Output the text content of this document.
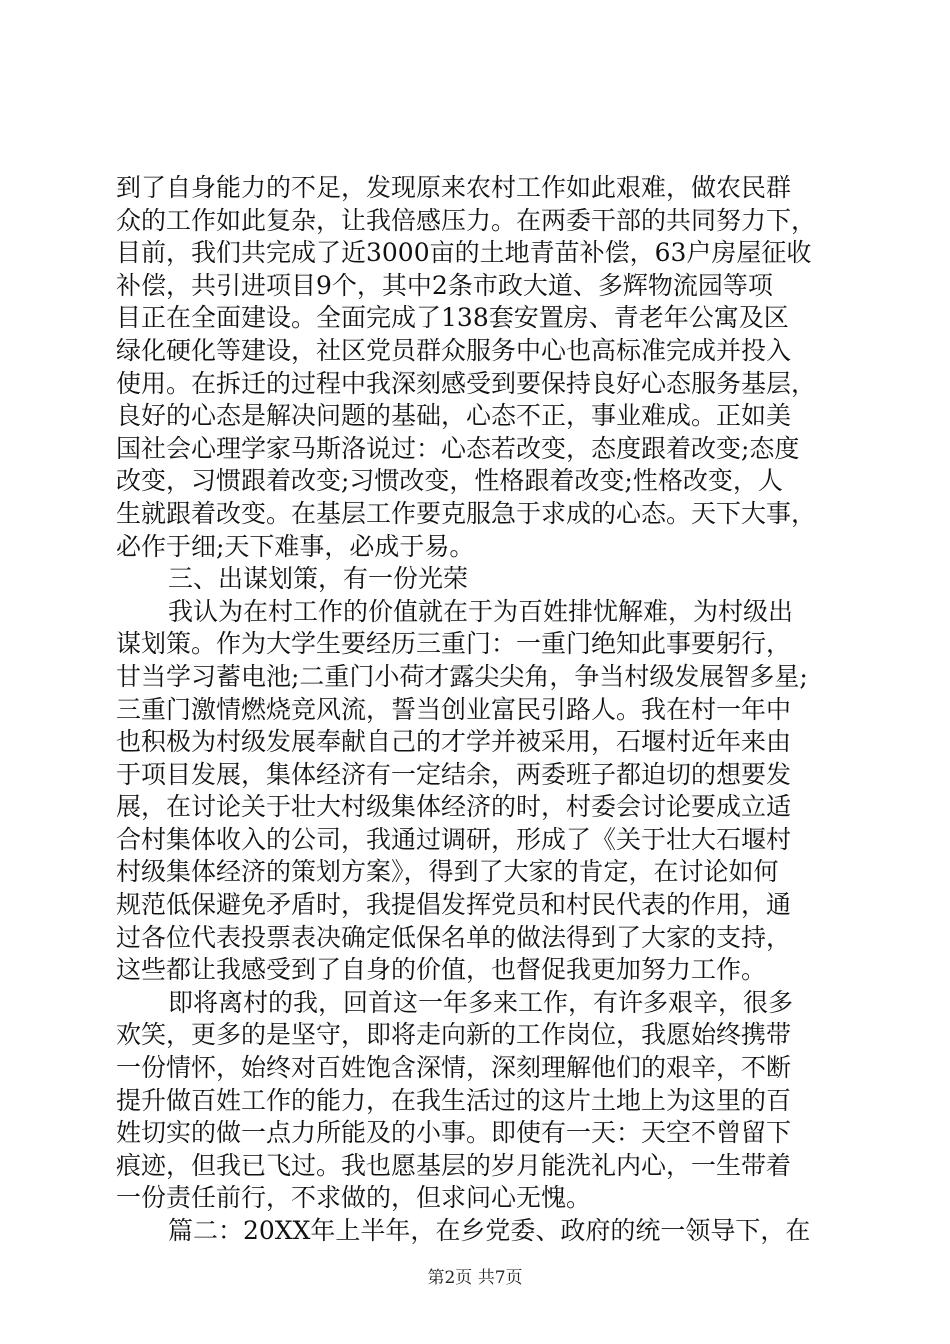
到了自身能力的不足，发现原来农村工作如此艰难，做农民群
众的工作如此复杂，让我倍感压力。在两委干部的共同努力下，
目前，我们共完成了近3000亩的土地青苗补偿，63户房屋征收
补偿，共引进项目9个，其中2条市政大道、多辉物流园等项
目正在全面建设。全面完成了138套安置房、青老年公寓及区
绿化硬化等建设，社区党员群众服务中心也高标准完成并投入
使用。在拆迁的过程中我深刻感受到要保持良好心态服务基层，
良好的心态是解决问题的基础，心态不正，事业难成。正如美
国社会心理学家马斯洛说过：心态若改变，态度跟着改变;态度
改变，习惯跟着改变;习惯改变，性格跟着改变;性格改变，人
生就跟着改变。在基层工作要克服急于求成的心态。天下大事，
必作于细;天下难事，必成于易。
三、出谋划策，有一份光荣
我认为在村工作的价值就在于为百姓排忧解难，为村级出
谋划策。作为大学生要经历三重门：一重门绝知此事要躬行，
甘当学习蓄电池;二重门小荷才露尖尖角，争当村级发展智多星;
三重门激情燃烧竞风流，誓当创业富民引路人。我在村一年中
也积极为村级发展奉献自己的才学并被采用，石堰村近年来由
于项目发展，集体经济有一定结余，两委班子都迫切的想要发
展，在讨论关于壮大村级集体经济的时，村委会讨论要成立适
合村集体收入的公司，我通过调研，形成了《关于壮大石堰村
村级集体经济的策划方案》，得到了大家的肯定，在讨论如何
规范低保避免矛盾时，我提倡发挥党员和村民代表的作用，通
过各位代表投票表决确定低保名单的做法得到了大家的支持，
这些都让我感受到了自身的价值，也督促我更加努力工作。
即将离村的我，回首这一年多来工作，有许多艰辛，很多
欢笑，更多的是坚守，即将走向新的工作岗位，我愿始终携带
一份情怀，始终对百姓饱含深情，深刻理解他们的艰辛，不断
提升做百姓工作的能力，在我生活过的这片土地上为这里的百
姓切实的做一点力所能及的小事。即使有一天：天空不曾留下
痕迹，但我已飞过。我也愿基层的岁月能洗礼内心，一生带着
一份责任前行，不求做的，但求问心无愧。
篇二：20XX年上半年，在乡党委、政府的统一领导下，在
第2页 共7页
